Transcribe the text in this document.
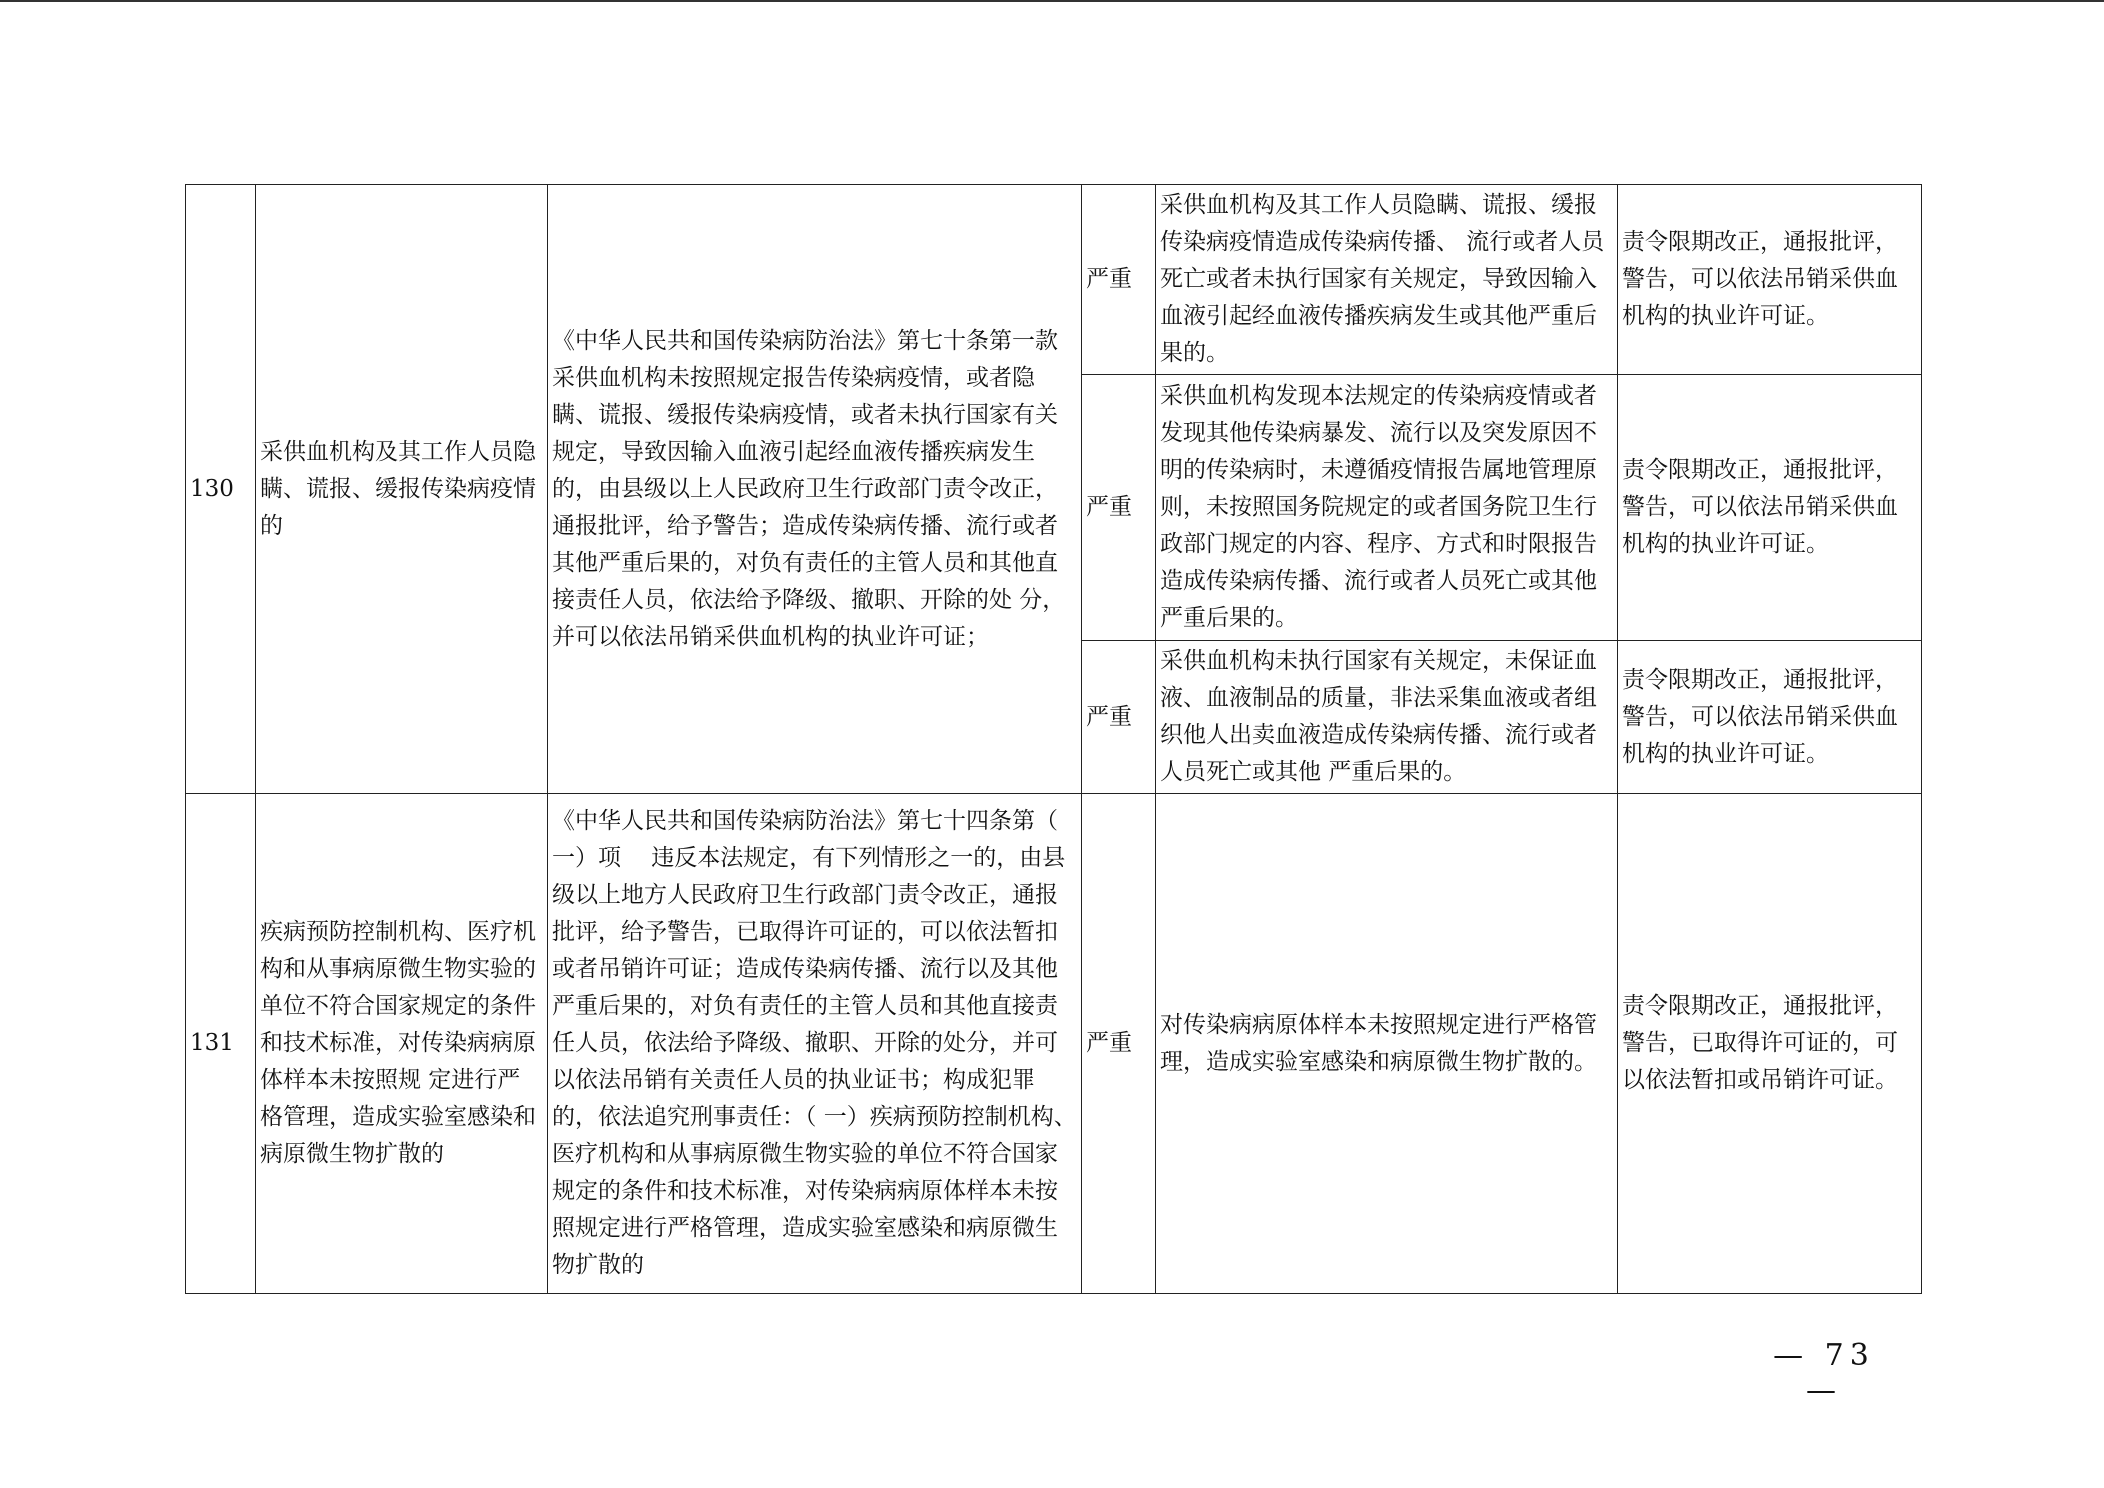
130	采供血机构及其工作人员隐瞒、谎报、缓报传染病疫情的	《中华人民共和国传染病防治法》第七十条第一款　 采供血机构未按照规定报告传染病疫情，或者隐瞒、谎报、缓报传染病疫情，或者未执行国家有关规定，导致因输入血液引起经血液传播疾病发生的，由县级以上人民政府卫生行政部门责令改正，通报批评，给予警告；造成传染病传播、流行或者其他严重后果的，对负有责任的主管人员和其他直接责任人员，依法给予降级、撤职、开除的处 分，并可以依法吊销采供血机构的执业许可证；	严重	采供血机构及其工作人员隐瞒、谎报、缓报传染病疫情造成传染病传播、 流行或者人员死亡或者未执行国家有关规定，导致因输入血液引起经血液传播疾病发生或其他严重后果的。	责令限期改正，通报批评，警告，可以依法吊销采供血机构的执业许可证。
			严重	采供血机构发现本法规定的传染病疫情或者发现其他传染病暴发、流行以及突发原因不明的传染病时，未遵循疫情报告属地管理原则，未按照国务院规定的或者国务院卫生行政部门规定的内容、程序、方式和时限报告造成传染病传播、流行或者人员死亡或其他严重后果的。	责令限期改正，通报批评，警告，可以依法吊销采供血机构的执业许可证。
			严重	采供血机构未执行国家有关规定，未保证血液、血液制品的质量，非法采集血液或者组织他人出卖血液造成传染病传播、流行或者人员死亡或其他 严重后果的。	责令限期改正，通报批评，警告，可以依法吊销采供血机构的执业许可证。
131	疾病预防控制机构、医疗机构和从事病原微生物实验的单位不符合国家规定的条件和技术标准，对传染病病原体样本未按照规 定进行严格管理，造成实验室感染和病原微生物扩散的	《中华人民共和国传染病防治法》第七十四条第（ 一）项　 违反本法规定，有下列情形之一的，由县级以上地方人民政府卫生行政部门责令改正，通报批评，给予警告，已取得许可证的，可以依法暂扣或者吊销许可证；造成传染病传播、流行以及其他严重后果的，对负有责任的主管人员和其他直接责任人员，依法给予降级、撤职、开除的处分，并可以依法吊销有关责任人员的执业证书；构成犯罪的，依法追究刑事责任：（ 一）疾病预防控制机构、医疗机构和从事病原微生物实验的单位不符合国家规定的条件和技术标准，对传染病病原体样本未按照规定进行严格管理，造成实验室感染和病原微生物扩散的	严重	对传染病病原体样本未按照规定进行严格管理，造成实验室感染和病原微生物扩散的。	责令限期改正，通报批评，警告，已取得许可证的，可以依法暂扣或吊销许可证。
— 73 —
